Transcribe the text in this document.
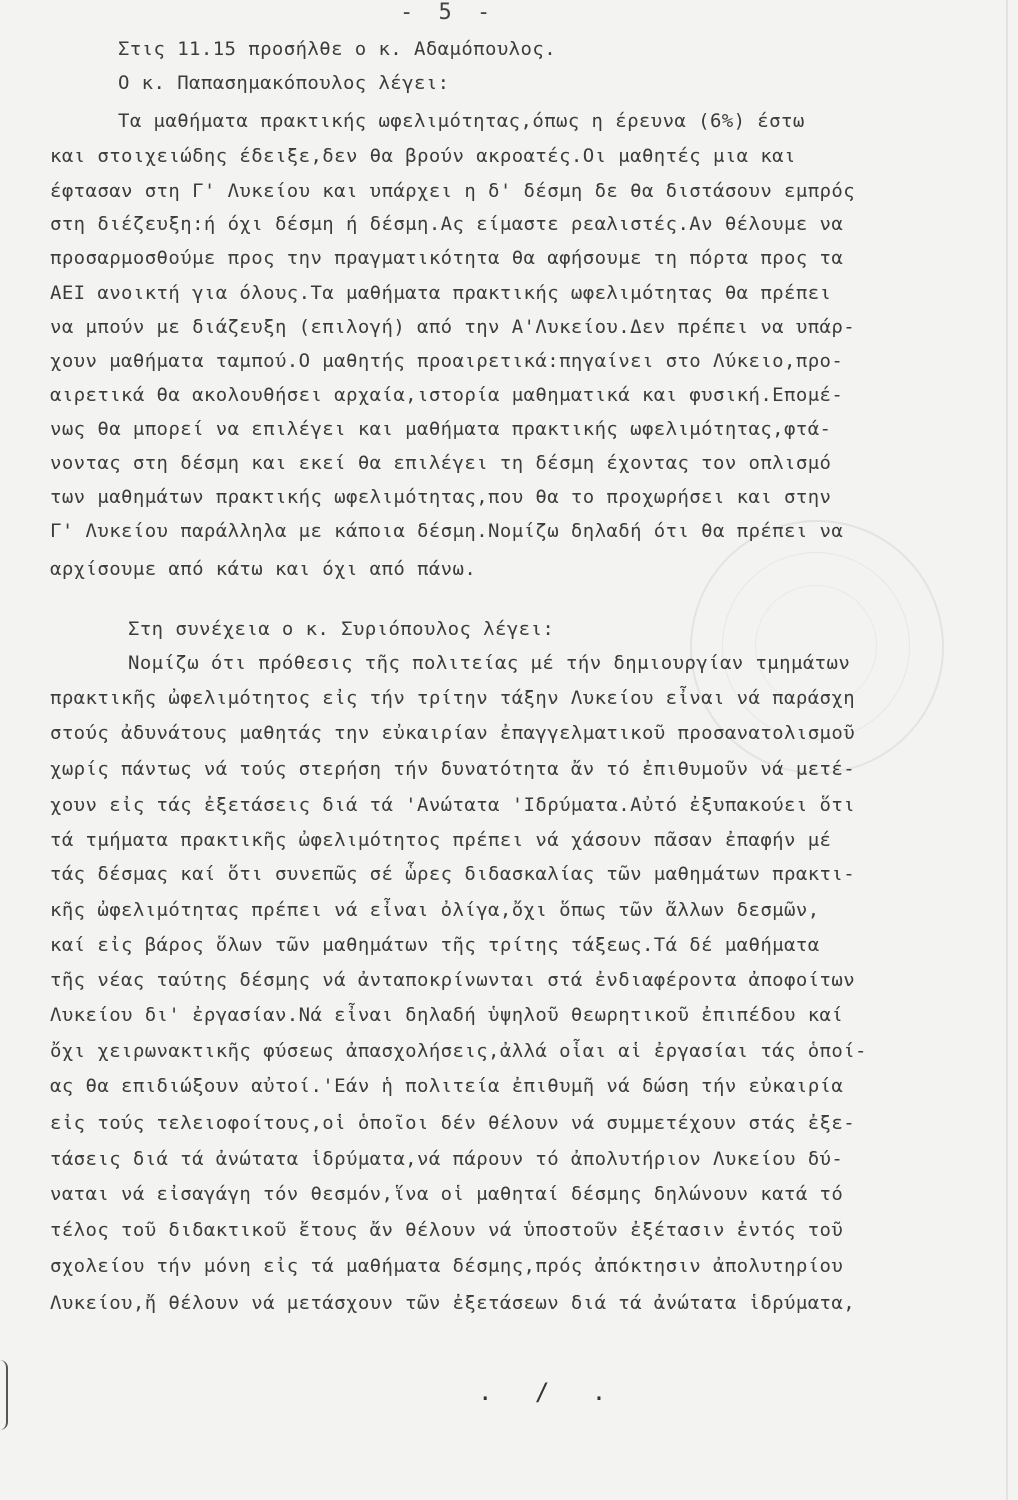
- 5 -
Στις 11.15 προσήλθε ο κ. Αδαμόπουλος.
Ο κ. Παπασημακόπουλος λέγει:
Τα μαθήματα πρακτικής ωφελιμότητας,όπως η έρευνα (6%) έστω
και στοιχειώδης έδειξε,δεν θα βρούν ακροατές.Οι μαθητές μια και
έφτασαν στη Γ' Λυκείου και υπάρχει η δ' δέσμη δε θα διστάσουν εμπρός
στη διέζευξη:ή όχι δέσμη ή δέσμη.Ας είμαστε ρεαλιστές.Αν θέλουμε να
προσαρμοσθούμε προς την πραγματικότητα θα αφήσουμε τη πόρτα προς τα
ΑΕΙ ανοικτή για όλους.Τα μαθήματα πρακτικής ωφελιμότητας θα πρέπει
να μπούν με διάζευξη (επιλογή) από την Α'Λυκείου.Δεν πρέπει να υπάρ-
χουν μαθήματα ταμπού.Ο μαθητής προαιρετικά:πηγαίνει στο Λύκειο,προ-
αιρετικά θα ακολουθήσει αρχαία,ιστορία μαθηματικά και φυσική.Επομέ-
νως θα μπορεί να επιλέγει και μαθήματα πρακτικής ωφελιμότητας,φτά-
νοντας στη δέσμη και εκεί θα επιλέγει τη δέσμη έχοντας τον οπλισμό
των μαθημάτων πρακτικής ωφελιμότητας,που θα το προχωρήσει και στην
Γ' Λυκείου παράλληλα με κάποια δέσμη.Νομίζω δηλαδή ότι θα πρέπει να
αρχίσουμε από κάτω και όχι από πάνω.
Στη συνέχεια ο κ. Συριόπουλος λέγει:
Νομίζω ότι πρόθεσις τῆς πολιτείας μέ τήν δημιουργίαν τμημάτων
πρακτικῆς ὠφελιμότητος εἰς τήν τρίτην τάξην Λυκείου εἶναι νά παράσχη
στούς ἀδυνάτους μαθητάς την εὐκαιρίαν ἐπαγγελματικοῦ προσανατολισμοῦ
χωρίς πάντως νά τούς στερήση τήν δυνατότητα ἄν τό ἐπιθυμοῦν νά μετέ-
χουν εἰς τάς ἐξετάσεις διά τά 'Ανώτατα 'Ιδρύματα.Αὐτό ἐξυπακούει ὅτι
τά τμήματα πρακτικῆς ὠφελιμότητος πρέπει νά χάσουν πᾶσαν ἐπαφήν μέ
τάς δέσμας καί ὅτι συνεπῶς σέ ὧρες διδασκαλίας τῶν μαθημάτων πρακτι-
κῆς ὠφελιμότητας πρέπει νά εἶναι ὀλίγα,ὄχι ὅπως τῶν ἄλλων δεσμῶν,
καί εἰς βάρος ὅλων τῶν μαθημάτων τῆς τρίτης τάξεως.Τά δέ μαθήματα
τῆς νέας ταύτης δέσμης νά ἀνταποκρίνωνται στά ἐνδιαφέροντα ἀποφοίτων
Λυκείου δι' ἐργασίαν.Νά εἶναι δηλαδή ὑψηλοῦ θεωρητικοῦ ἐπιπέδου καί
ὄχι χειρωνακτικῆς φύσεως ἀπασχολήσεις,ἀλλά οἷαι αἱ ἐργασίαι τάς ὁποί-
ας θα επιδιώξουν αὐτοί.'Εάν ἡ πολιτεία ἐπιθυμῆ νά δώση τήν εὐκαιρία
εἰς τούς τελειοφοίτους,οἱ ὁποῖοι δέν θέλουν νά συμμετέχουν στάς ἐξε-
τάσεις διά τά ἀνώτατα ἱδρύματα,νά πάρουν τό ἀπολυτήριον Λυκείου δύ-
ναται νά εἰσαγάγη τόν θεσμόν,ἵνα οἱ μαθηταί δέσμης δηλώνουν κατά τό
τέλος τοῦ διδακτικοῦ ἔτους ἄν θέλουν νά ὑποστοῦν ἐξέτασιν ἐντός τοῦ
σχολείου τήν μόνη εἰς τά μαθήματα δέσμης,πρός ἀπόκτησιν ἀπολυτηρίου
Λυκείου,ἤ θέλουν νά μετάσχουν τῶν ἐξετάσεων διά τά ἀνώτατα ἱδρύματα,
. / .
